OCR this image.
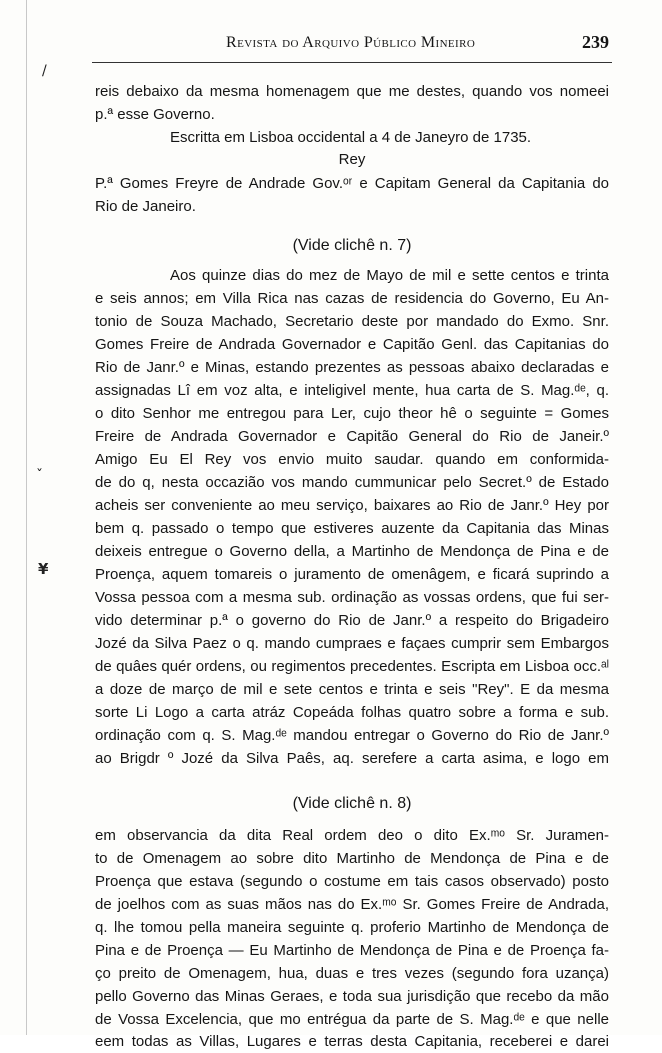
Revista do Arquivo Público Mineiro	239
/
ˇ
¥
reis debaixo da mesma homenagem que me destes, quando vos nomeei
p.ª esse Governo.
Escritta em Lisboa occidental a 4 de Janeyro de 1735.
Rey
P.ª Gomes Freyre de Andrade Gov.ᵒʳ e Capitam General da Capitania do
Rio de Janeiro.
(Vide clichê n. 7)
Aos quinze dias do mez de Mayo de mil e sette centos e trinta
e seis annos; em Villa Rica nas cazas de residencia do Governo, Eu An-
tonio de Souza Machado, Secretario deste por mandado do Exmo. Snr.
Gomes Freire de Andrada Governador e Capitão Genl. das Capitanias do
Rio de Janr.º e Minas, estando prezentes as pessoas abaixo declaradas e
assignadas Lî em voz alta, e inteligivel mente, hua carta de S. Mag.ᵈᵉ, q.
o dito Senhor me entregou para Ler, cujo theor hê o seguinte = Gomes
Freire de Andrada Governador e Capitão General do Rio de Janeir.º
Amigo Eu El Rey vos envio muito saudar. quando em conformida-
de do q, nesta occazião vos mando cummunicar pelo Secret.º de Estado
acheis ser conveniente ao meu serviço, baixares ao Rio de Janr.º Hey por
bem q. passado o tempo que estiveres auzente da Capitania das Minas
deixeis entregue o Governo della, a Martinho de Mendonça de Pina e de
Proença, aquem tomareis o juramento de omenâgem, e ficará suprindo a
Vossa pessoa com a mesma sub. ordinação as vossas ordens, que fui ser-
vido determinar p.ª o governo do Rio de Janr.º a respeito do Brigadeiro
Jozé da Silva Paez o q. mando cumpraes e façaes cumprir sem Embargos
de quâes quér ordens, ou regimentos precedentes. Escripta em Lisboa occ.ᵃˡ
a doze de março de mil e sete centos e trinta e seis "Rey". E da mesma
sorte Li Logo a carta atráz Copeáda folhas quatro sobre a forma e sub.
ordinação com q. S. Mag.ᵈᵉ mandou entregar o Governo do Rio de Janr.º
ao Brigdr º Jozé da Silva Paês, aq. serefere a carta asima, e logo em
(Vide clichê n. 8)
em observancia da dita Real ordem deo o dito Ex.ᵐᵒ Sr. Juramen-
to de Omenagem ao sobre dito Martinho de Mendonça de Pina e de
Proença que estava (segundo o costume em tais casos observado) posto
de joelhos com as suas mãos nas do Ex.ᵐᵒ Sr. Gomes Freire de Andrada,
q. lhe tomou pella maneira seguinte q. proferio Martinho de Mendonça de
Pina e de Proença — Eu Martinho de Mendonça de Pina e de Proença fa-
ço preito de Omenagem, hua, duas e tres vezes (segundo fora uzança)
pello Governo das Minas Geraes, e toda sua jurisdição que recebo da mão
de Vossa Excelencia, que mo entrégua da parte de S. Mag.ᵈᵉ e que nelle
eem todas as Villas, Lugares e terras desta Capitania, receberei e darei
